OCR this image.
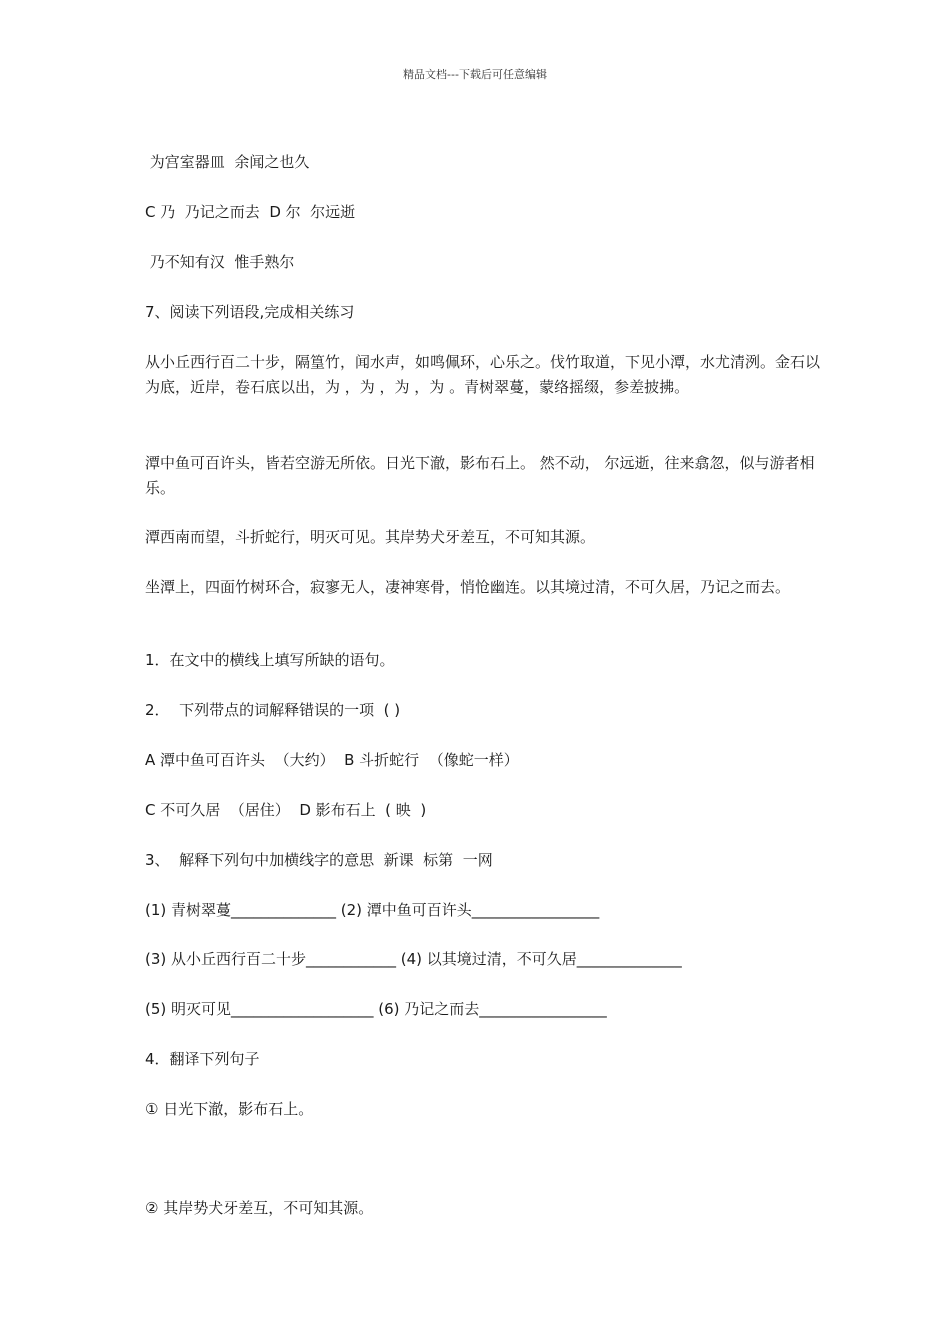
精品文档---下载后可任意编辑
为宫室器皿  余闻之也久
C 乃  乃记之而去  D 尔  尔远逝
乃不知有汉  惟手熟尔
7、阅读下列语段,完成相关练习
从小丘西行百二十步，隔篁竹，闻水声，如鸣佩环，心乐之。伐竹取道，下见小潭，水尤清洌。金石以为底，近岸，卷石底以出，为 ，为 ，为 ，为 。青树翠蔓，蒙络摇缀，参差披拂。
潭中鱼可百许头，皆若空游无所依。日光下澈，影布石上。 然不动， 尔远逝，往来翕忽，似与游者相乐。
潭西南而望，斗折蛇行，明灭可见。其岸势犬牙差互，不可知其源。
坐潭上，四面竹树环合，寂寥无人，凄神寒骨，悄怆幽连。以其境过清，不可久居，乃记之而去。
1．在文中的横线上填写所缺的语句。
2．  下列带点的词解释错误的一项  ( )
A 潭中鱼可百许头  （大约）  B 斗折蛇行  （像蛇一样）
C 不可久居  （居住）  D 影布石上  ( 映  )
3、  解释下列句中加横线字的意思  新课  标第  一网
(1) 青树翠蔓______________ (2) 潭中鱼可百许头_________________
(3) 从小丘西行百二十步____________ (4) 以其境过清，不可久居______________
(5) 明灭可见___________________ (6) 乃记之而去_________________
4．翻译下列句子
① 日光下澈，影布石上。
② 其岸势犬牙差互，不可知其源。
